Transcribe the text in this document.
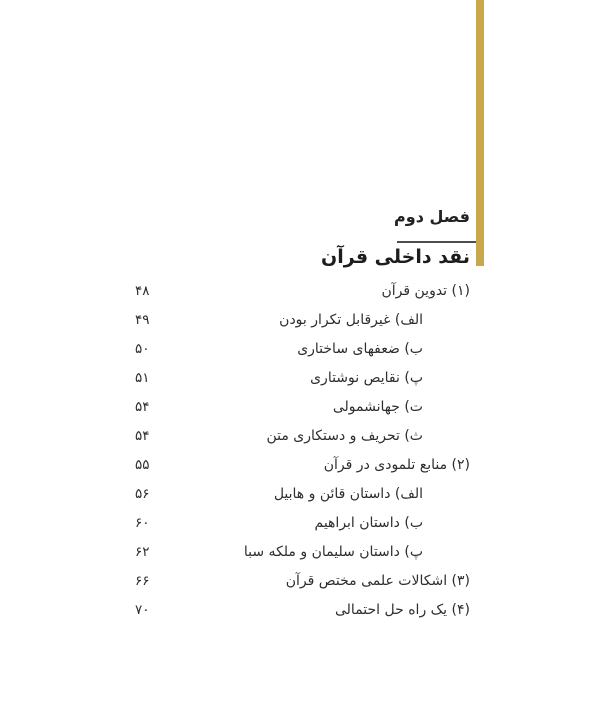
فصل دوم
نقد داخلی قرآن
(۱) تدوین قرآن
۴۸
الف) غیرقابل تکرار بودن
۴۹
ب) ضعفهای ساختاری
۵۰
پ) نقایص نوشتاری
۵۱
ت) جهانشمولی
۵۴
ث) تحریف و دستکاری متن
۵۴
(۲) منابع تلمودی در قرآن
۵۵
الف) داستان قائن و هابیل
۵۶
ب) داستان ابراهیم
۶۰
پ) داستان سلیمان و ملکه سبا
۶۲
(۳) اشکالات علمی مختص قرآن
۶۶
(۴) یک راه حل احتمالی
۷۰
